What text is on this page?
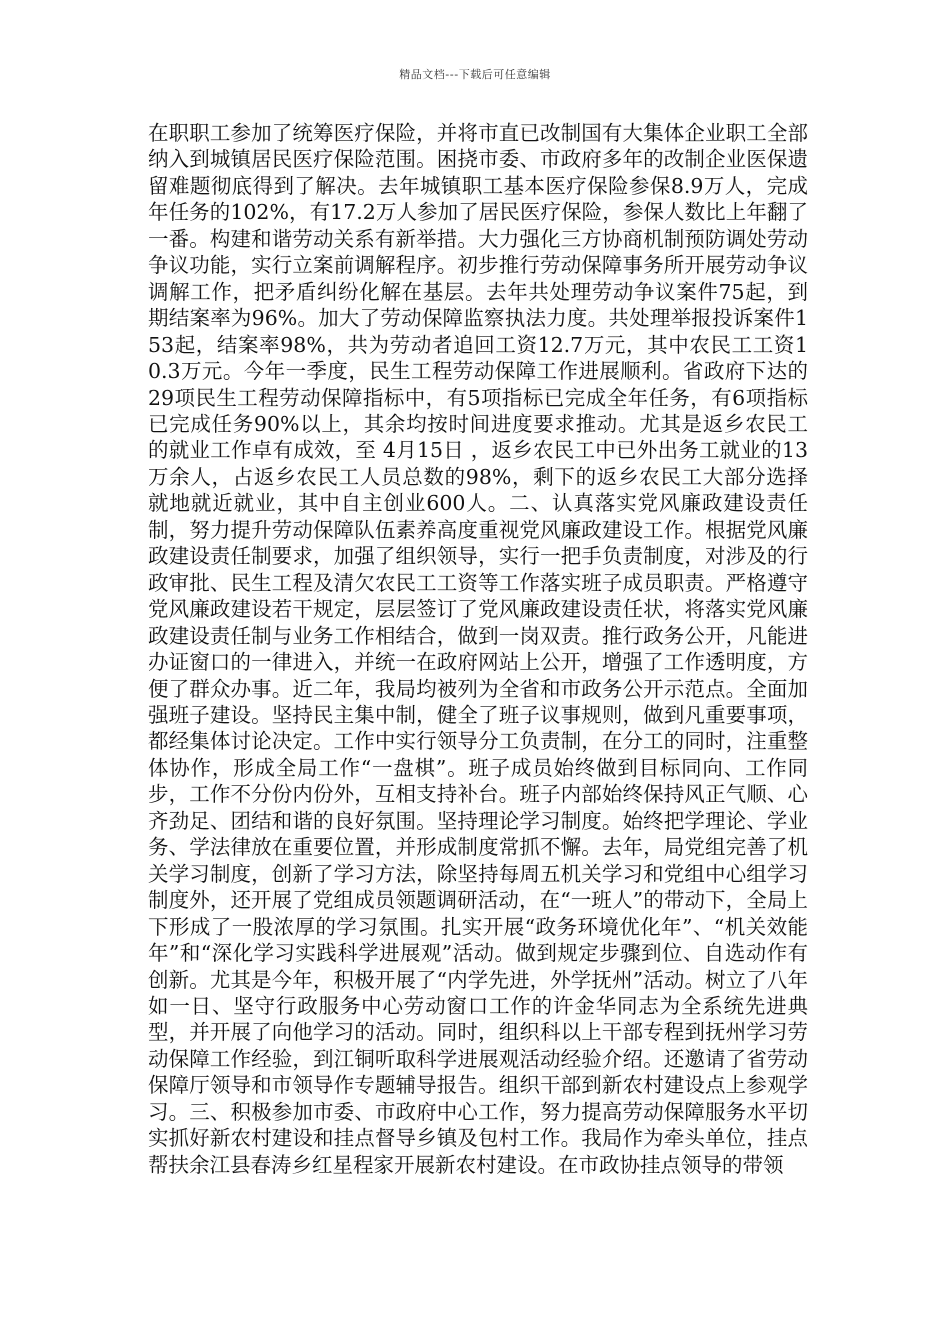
精品文档---下载后可任意编辑

在职职工参加了统筹医疗保险，并将市直已改制国有大集体企业职工全部纳入到城镇居民医疗保险范围。困挠市委、市政府多年的改制企业医保遗留难题彻底得到了解决。去年城镇职工基本医疗保险参保8.9万人，完成年任务的102%，有17.2万人参加了居民医疗保险，参保人数比上年翻了一番。构建和谐劳动关系有新举措。大力强化三方协商机制预防调处劳动争议功能，实行立案前调解程序。初步推行劳动保障事务所开展劳动争议调解工作，把矛盾纠纷化解在基层。去年共处理劳动争议案件75起，到期结案率为96%。加大了劳动保障监察执法力度。共处理举报投诉案件153起，结案率98%，共为劳动者追回工资12.7万元，其中农民工工资10.3万元。今年一季度，民生工程劳动保障工作进展顺利。省政府下达的29项民生工程劳动保障指标中，有5项指标已完成全年任务，有6项指标已完成任务90%以上，其余均按时间进度要求推动。尤其是返乡农民工的就业工作卓有成效，至 4月15日 ，返乡农民工中已外出务工就业的13万余人，占返乡农民工人员总数的98%，剩下的返乡农民工大部分选择就地就近就业，其中自主创业600人。二、认真落实党风廉政建设责任制，努力提升劳动保障队伍素养高度重视党风廉政建设工作。根据党风廉政建设责任制要求，加强了组织领导，实行一把手负责制度，对涉及的行政审批、民生工程及清欠农民工工资等工作落实班子成员职责。严格遵守党风廉政建设若干规定，层层签订了党风廉政建设责任状，将落实党风廉政建设责任制与业务工作相结合，做到一岗双责。推行政务公开，凡能进办证窗口的一律进入，并统一在政府网站上公开，增强了工作透明度，方便了群众办事。近二年，我局均被列为全省和市政务公开示范点。全面加强班子建设。坚持民主集中制，健全了班子议事规则，做到凡重要事项，都经集体讨论决定。工作中实行领导分工负责制，在分工的同时，注重整体协作，形成全局工作“一盘棋”。班子成员始终做到目标同向、工作同步，工作不分份内份外，互相支持补台。班子内部始终保持风正气顺、心齐劲足、团结和谐的良好氛围。坚持理论学习制度。始终把学理论、学业务、学法律放在重要位置，并形成制度常抓不懈。去年，局党组完善了机关学习制度，创新了学习方法，除坚持每周五机关学习和党组中心组学习制度外，还开展了党组成员领题调研活动，在“一班人”的带动下，全局上下形成了一股浓厚的学习氛围。扎实开展“政务环境优化年”、“机关效能年”和“深化学习实践科学进展观”活动。做到规定步骤到位、自选动作有创新。尤其是今年，积极开展了“内学先进，外学抚州”活动。树立了八年如一日、坚守行政服务中心劳动窗口工作的许金华同志为全系统先进典型，并开展了向他学习的活动。同时，组织科以上干部专程到抚州学习劳动保障工作经验，到江铜听取科学进展观活动经验介绍。还邀请了省劳动保障厅领导和市领导作专题辅导报告。组织干部到新农村建设点上参观学习。三、积极参加市委、市政府中心工作，努力提高劳动保障服务水平切实抓好新农村建设和挂点督导乡镇及包村工作。我局作为牵头单位，挂点帮扶余江县春涛乡红星程家开展新农村建设。在市政协挂点领导的带领
